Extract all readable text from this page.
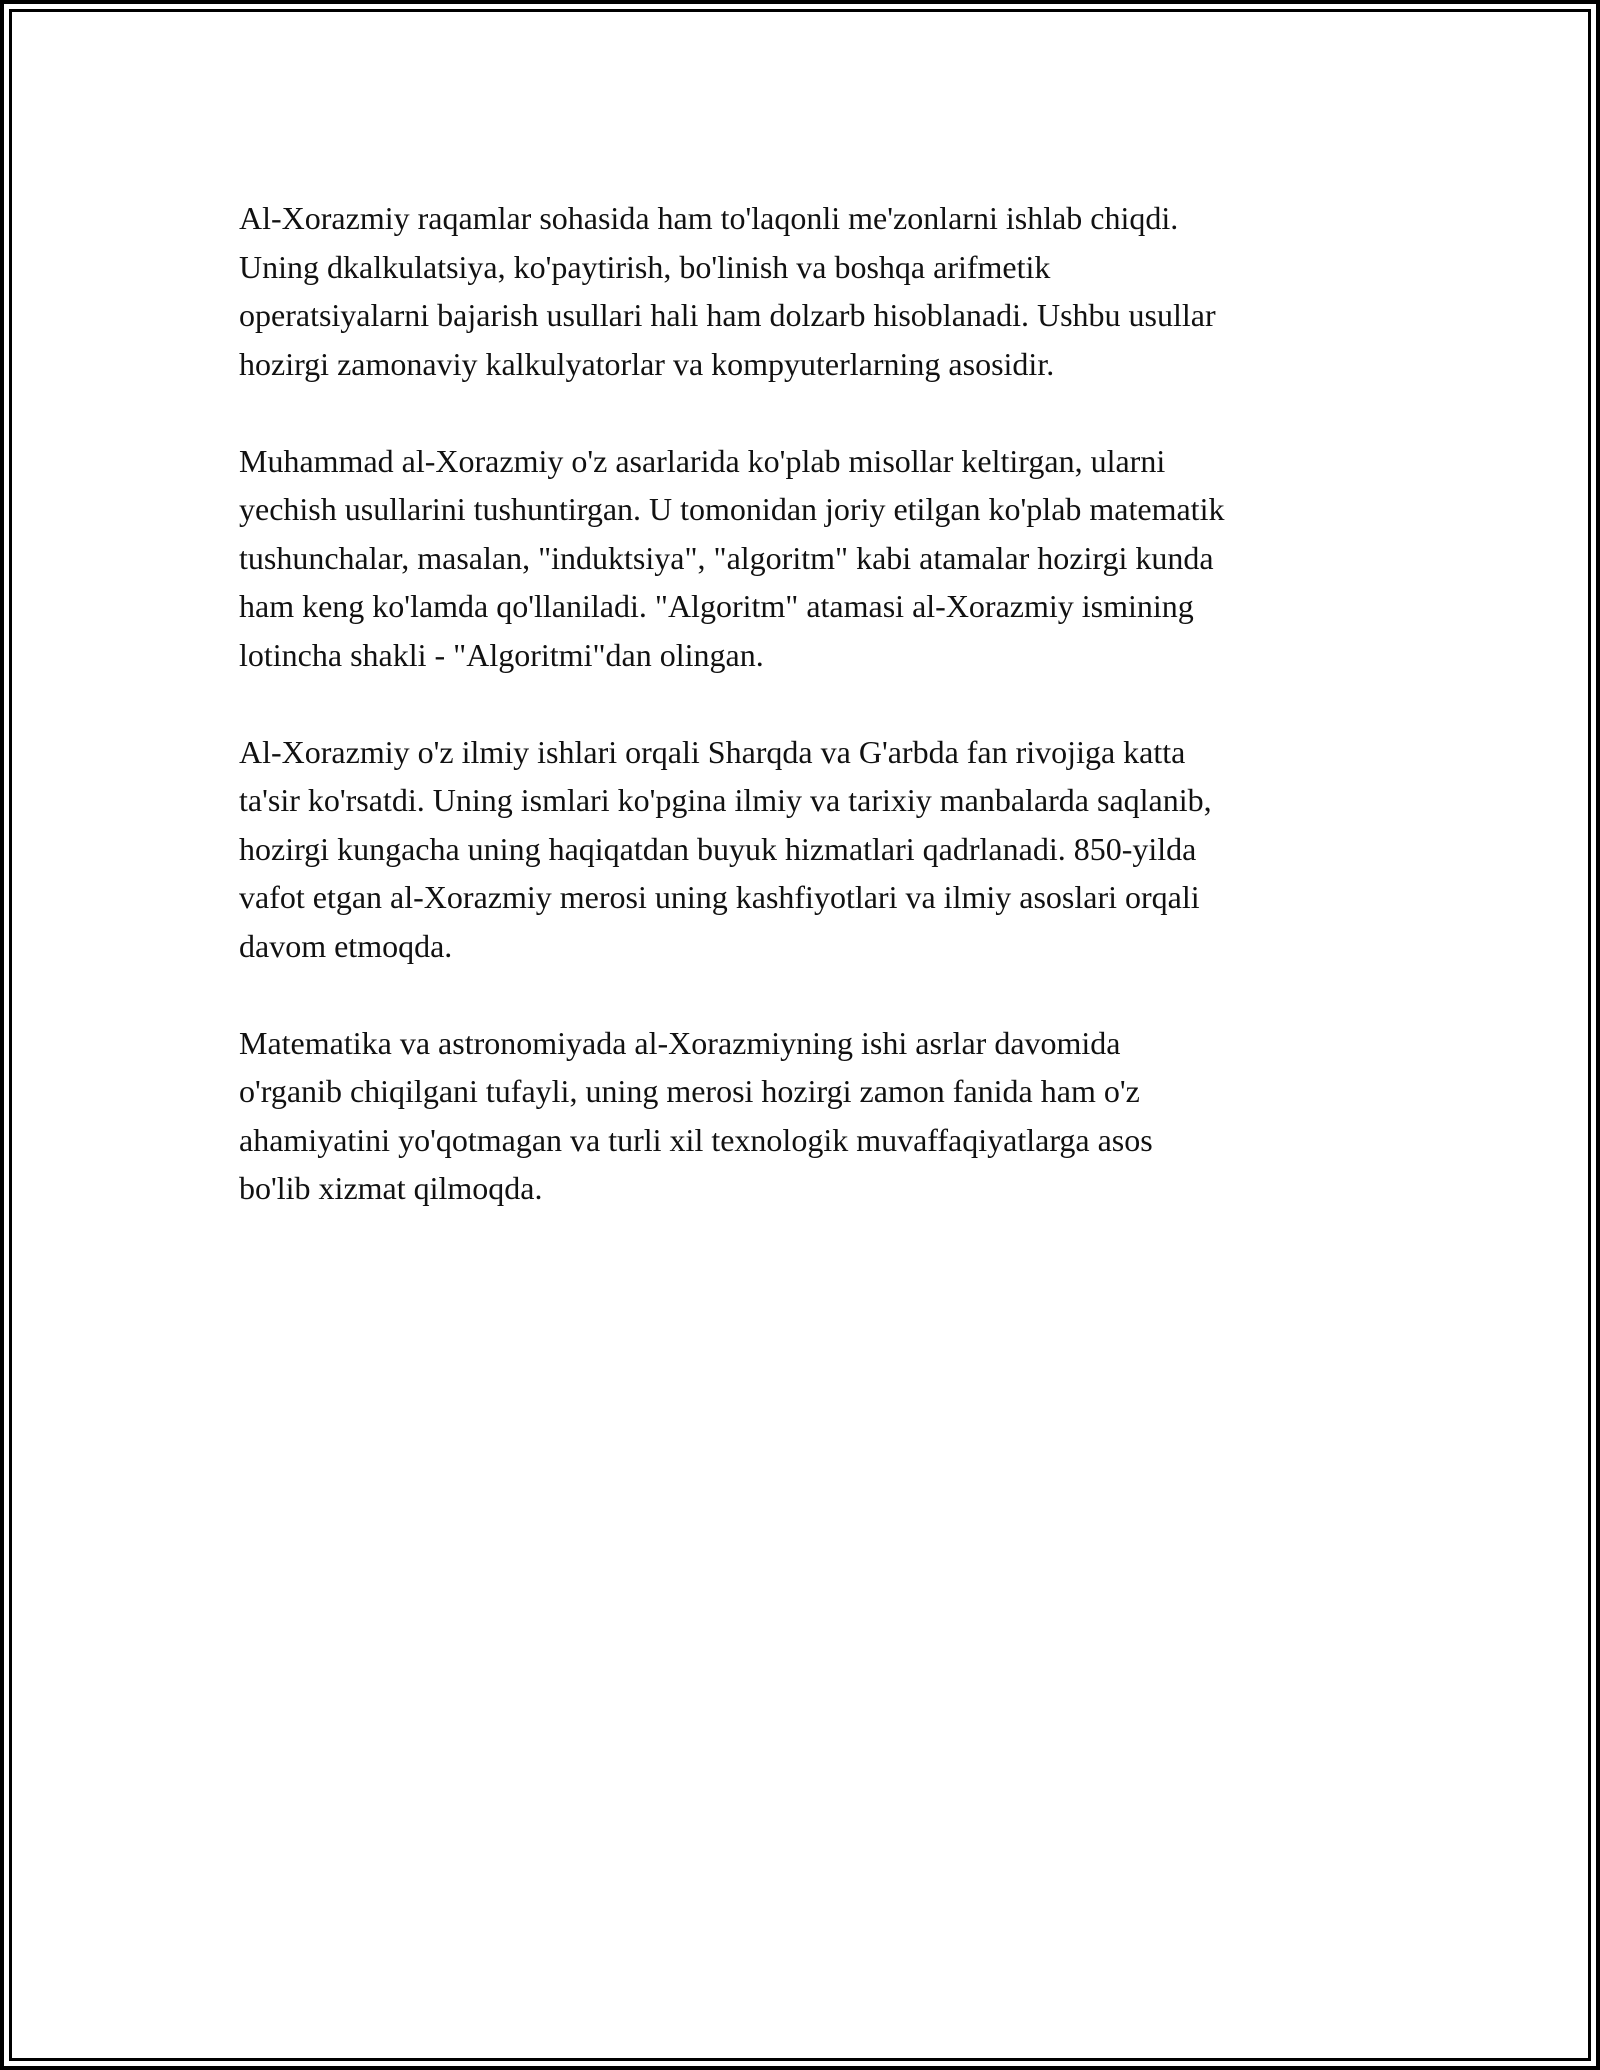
Al-Xorazmiy raqamlar sohasida ham to'laqonli me'zonlarni ishlab chiqdi.
Uning dkalkulatsiya, ko'paytirish, bo'linish va boshqa arifmetik
operatsiyalarni bajarish usullari hali ham dolzarb hisoblanadi. Ushbu usullar
hozirgi zamonaviy kalkulyatorlar va kompyuterlarning asosidir.

Muhammad al-Xorazmiy o'z asarlarida ko'plab misollar keltirgan, ularni
yechish usullarini tushuntirgan. U tomonidan joriy etilgan ko'plab matematik
tushunchalar, masalan, "induktsiya", "algoritm" kabi atamalar hozirgi kunda
ham keng ko'lamda qo'llaniladi. "Algoritm" atamasi al-Xorazmiy ismining
lotincha shakli - "Algoritmi"dan olingan.

Al-Xorazmiy o'z ilmiy ishlari orqali Sharqda va G'arbda fan rivojiga katta
ta'sir ko'rsatdi. Uning ismlari ko'pgina ilmiy va tarixiy manbalarda saqlanib,
hozirgi kungacha uning haqiqatdan buyuk hizmatlari qadrlanadi. 850-yilda
vafot etgan al-Xorazmiy merosi uning kashfiyotlari va ilmiy asoslari orqali
davom etmoqda.

Matematika va astronomiyada al-Xorazmiyning ishi asrlar davomida
o'rganib chiqilgani tufayli, uning merosi hozirgi zamon fanida ham o'z
ahamiyatini yo'qotmagan va turli xil texnologik muvaffaqiyatlarga asos
bo'lib xizmat qilmoqda.
